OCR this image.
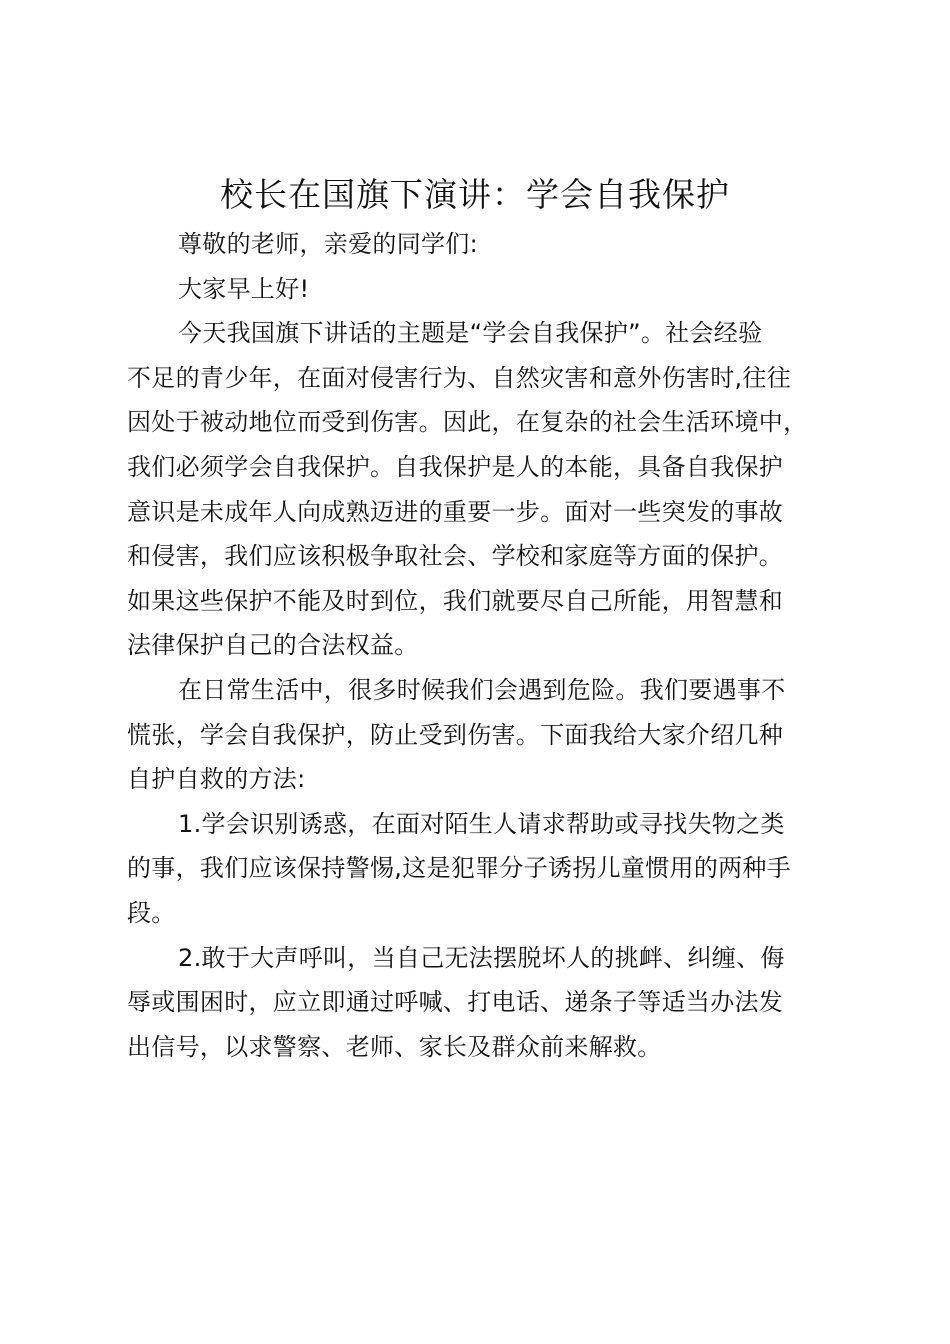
校长在国旗下演讲：学会自我保护
尊敬的老师，亲爱的同学们:
大家早上好!
今天我国旗下讲话的主题是“学会自我保护”。社会经验
不足的青少年，在面对侵害行为、自然灾害和意外伤害时,往往
因处于被动地位而受到伤害。因此，在复杂的社会生活环境中，
我们必须学会自我保护。自我保护是人的本能，具备自我保护
意识是未成年人向成熟迈进的重要一步。面对一些突发的事故
和侵害，我们应该积极争取社会、学校和家庭等方面的保护。
如果这些保护不能及时到位，我们就要尽自己所能，用智慧和
法律保护自己的合法权益。
在日常生活中，很多时候我们会遇到危险。我们要遇事不
慌张，学会自我保护，防止受到伤害。下面我给大家介绍几种
自护自救的方法:
1.学会识别诱惑，在面对陌生人请求帮助或寻找失物之类
的事，我们应该保持警惕,这是犯罪分子诱拐儿童惯用的两种手
段。
2.敢于大声呼叫，当自己无法摆脱坏人的挑衅、纠缠、侮
辱或围困时，应立即通过呼喊、打电话、递条子等适当办法发
出信号，以求警察、老师、家长及群众前来解救。
